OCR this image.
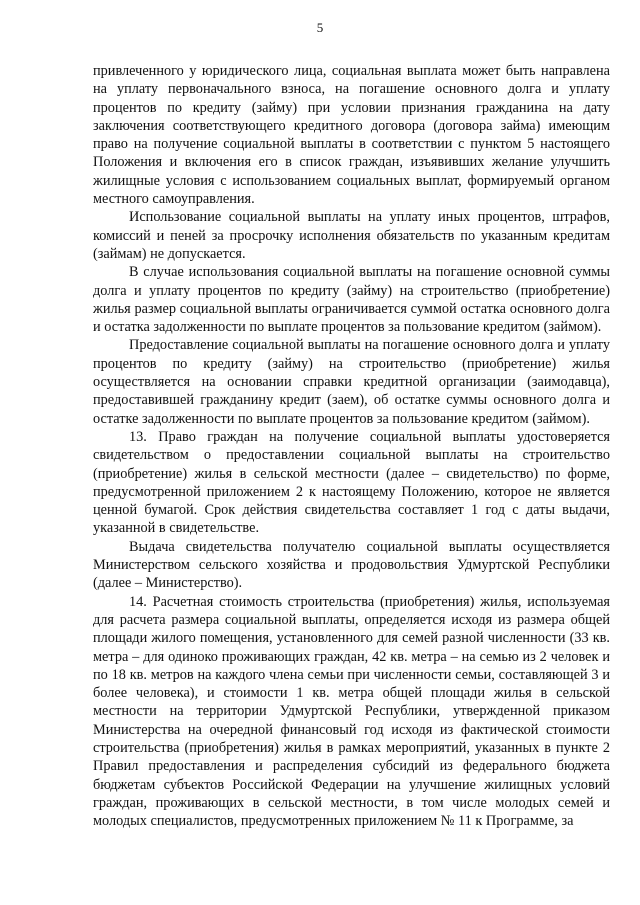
5

привлеченного у юридического лица, социальная выплата может быть направлена на уплату первоначального взноса, на погашение основного долга и уплату процентов по кредиту (займу) при условии признания гражданина на дату заключения соответствующего кредитного договора (договора займа) имеющим право на получение социальной выплаты в соответствии с пунктом 5 настоящего Положения и включения его в список граждан, изъявивших желание улучшить жилищные условия с использованием социальных выплат, формируемый органом местного самоуправления.

Использование социальной выплаты на уплату иных процентов, штрафов, комиссий и пеней за просрочку исполнения обязательств по указанным кредитам (займам) не допускается.

В случае использования социальной выплаты на погашение основной суммы долга и уплату процентов по кредиту (займу) на строительство (приобретение) жилья размер социальной выплаты ограничивается суммой остатка основного долга и остатка задолженности по выплате процентов за пользование кредитом (займом).

Предоставление социальной выплаты на погашение основного долга и уплату процентов по кредиту (займу) на строительство (приобретение) жилья осуществляется на основании справки кредитной организации (заимодавца), предоставившей гражданину кредит (заем), об остатке суммы основного долга и остатке задолженности по выплате процентов за пользование кредитом (займом).

13. Право граждан на получение социальной выплаты удостоверяется свидетельством о предоставлении социальной выплаты на строительство (приобретение) жилья в сельской местности (далее – свидетельство) по форме, предусмотренной приложением 2 к настоящему Положению, которое не является ценной бумагой. Срок действия свидетельства составляет 1 год с даты выдачи, указанной в свидетельстве.

Выдача свидетельства получателю социальной выплаты осуществляется Министерством сельского хозяйства и продовольствия Удмуртской Республики (далее – Министерство).

14. Расчетная стоимость строительства (приобретения) жилья, используемая для расчета размера социальной выплаты, определяется исходя из размера общей площади жилого помещения, установленного для семей разной численности (33 кв. метра – для одиноко проживающих граждан, 42 кв. метра – на семью из 2 человек и по 18 кв. метров на каждого члена семьи при численности семьи, составляющей 3 и более человека), и стоимости 1 кв. метра общей площади жилья в сельской местности на территории Удмуртской Республики, утвержденной приказом Министерства на очередной финансовый год исходя из фактической стоимости строительства (приобретения) жилья в рамках мероприятий, указанных в пункте 2 Правил предоставления и распределения субсидий из федерального бюджета бюджетам субъектов Российской Федерации на улучшение жилищных условий граждан, проживающих в сельской местности, в том числе молодых семей и молодых специалистов, предусмотренных приложением № 11 к Программе, за
